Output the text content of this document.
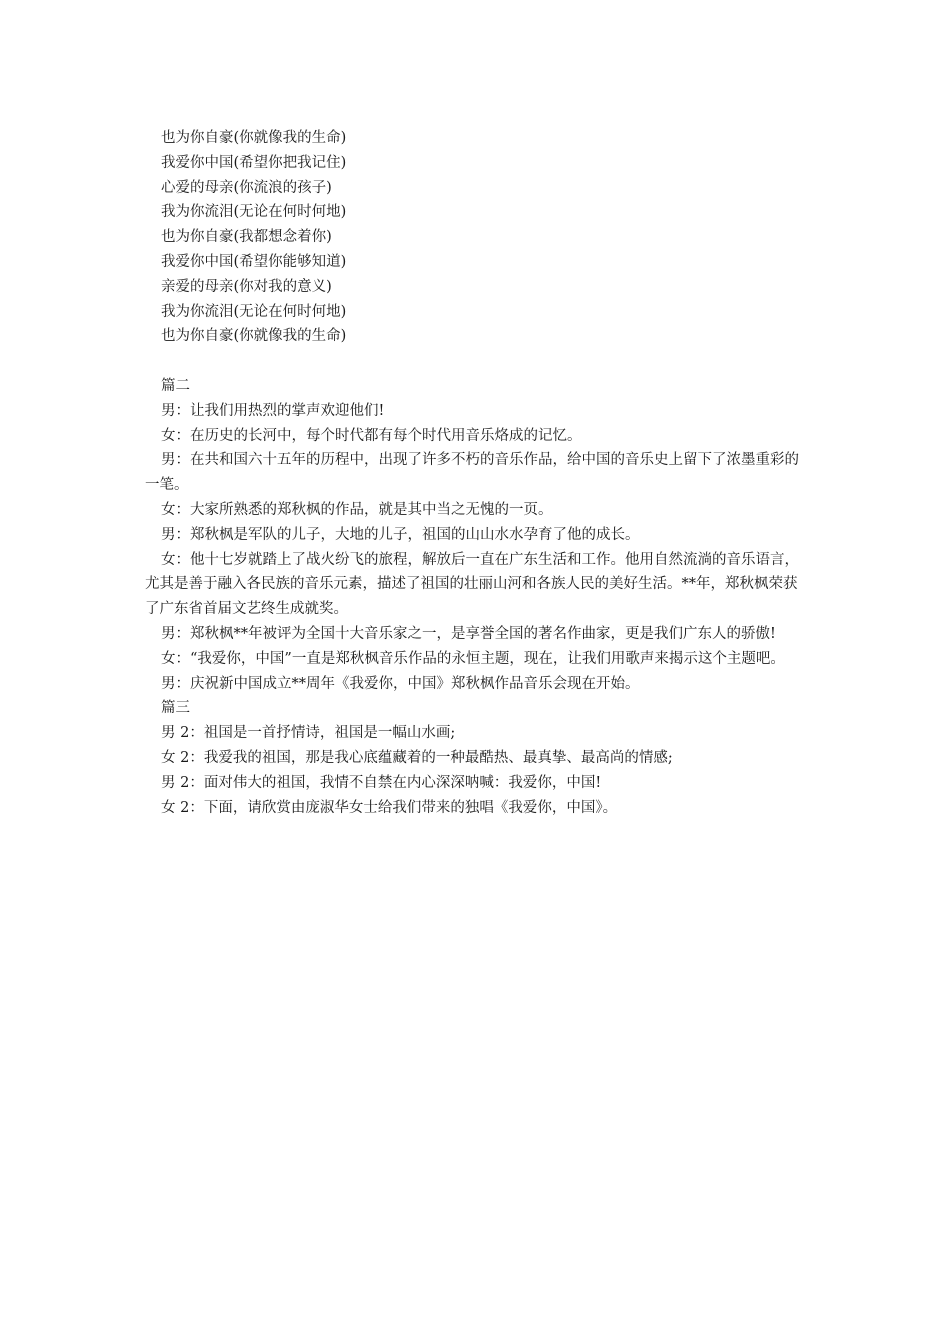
也为你自豪(你就像我的生命)

我爱你中国(希望你把我记住)

心爱的母亲(你流浪的孩子)

我为你流泪(无论在何时何地)

也为你自豪(我都想念着你)

我爱你中国(希望你能够知道)

亲爱的母亲(你对我的意义)

我为你流泪(无论在何时何地)

也为你自豪(你就像我的生命)

篇二

男：让我们用热烈的掌声欢迎他们!

女：在历史的长河中，每个时代都有每个时代用音乐烙成的记忆。

男：在共和国六十五年的历程中，出现了许多不朽的音乐作品，给中国的音乐史上留下了浓墨重彩的一笔。

女：大家所熟悉的郑秋枫的作品，就是其中当之无愧的一页。

男：郑秋枫是军队的儿子，大地的儿子，祖国的山山水水孕育了他的成长。

女：他十七岁就踏上了战火纷飞的旅程，解放后一直在广东生活和工作。他用自然流淌的音乐语言，尤其是善于融入各民族的音乐元素，描述了祖国的壮丽山河和各族人民的美好生活。**年，郑秋枫荣获了广东省首届文艺终生成就奖。

男：郑秋枫**年被评为全国十大音乐家之一，是享誉全国的著名作曲家，更是我们广东人的骄傲!

女：“我爱你，中国”一直是郑秋枫音乐作品的永恒主题，现在，让我们用歌声来揭示这个主题吧。

男：庆祝新中国成立**周年《我爱你，中国》郑秋枫作品音乐会现在开始。

篇三

男 2：祖国是一首抒情诗，祖国是一幅山水画;

女 2：我爱我的祖国，那是我心底蕴藏着的一种最酷热、最真挚、最高尚的情感;

男 2：面对伟大的祖国，我情不自禁在内心深深呐喊：我爱你，中国!

女 2：下面，请欣赏由庞淑华女士给我们带来的独唱《我爱你，中国》。
